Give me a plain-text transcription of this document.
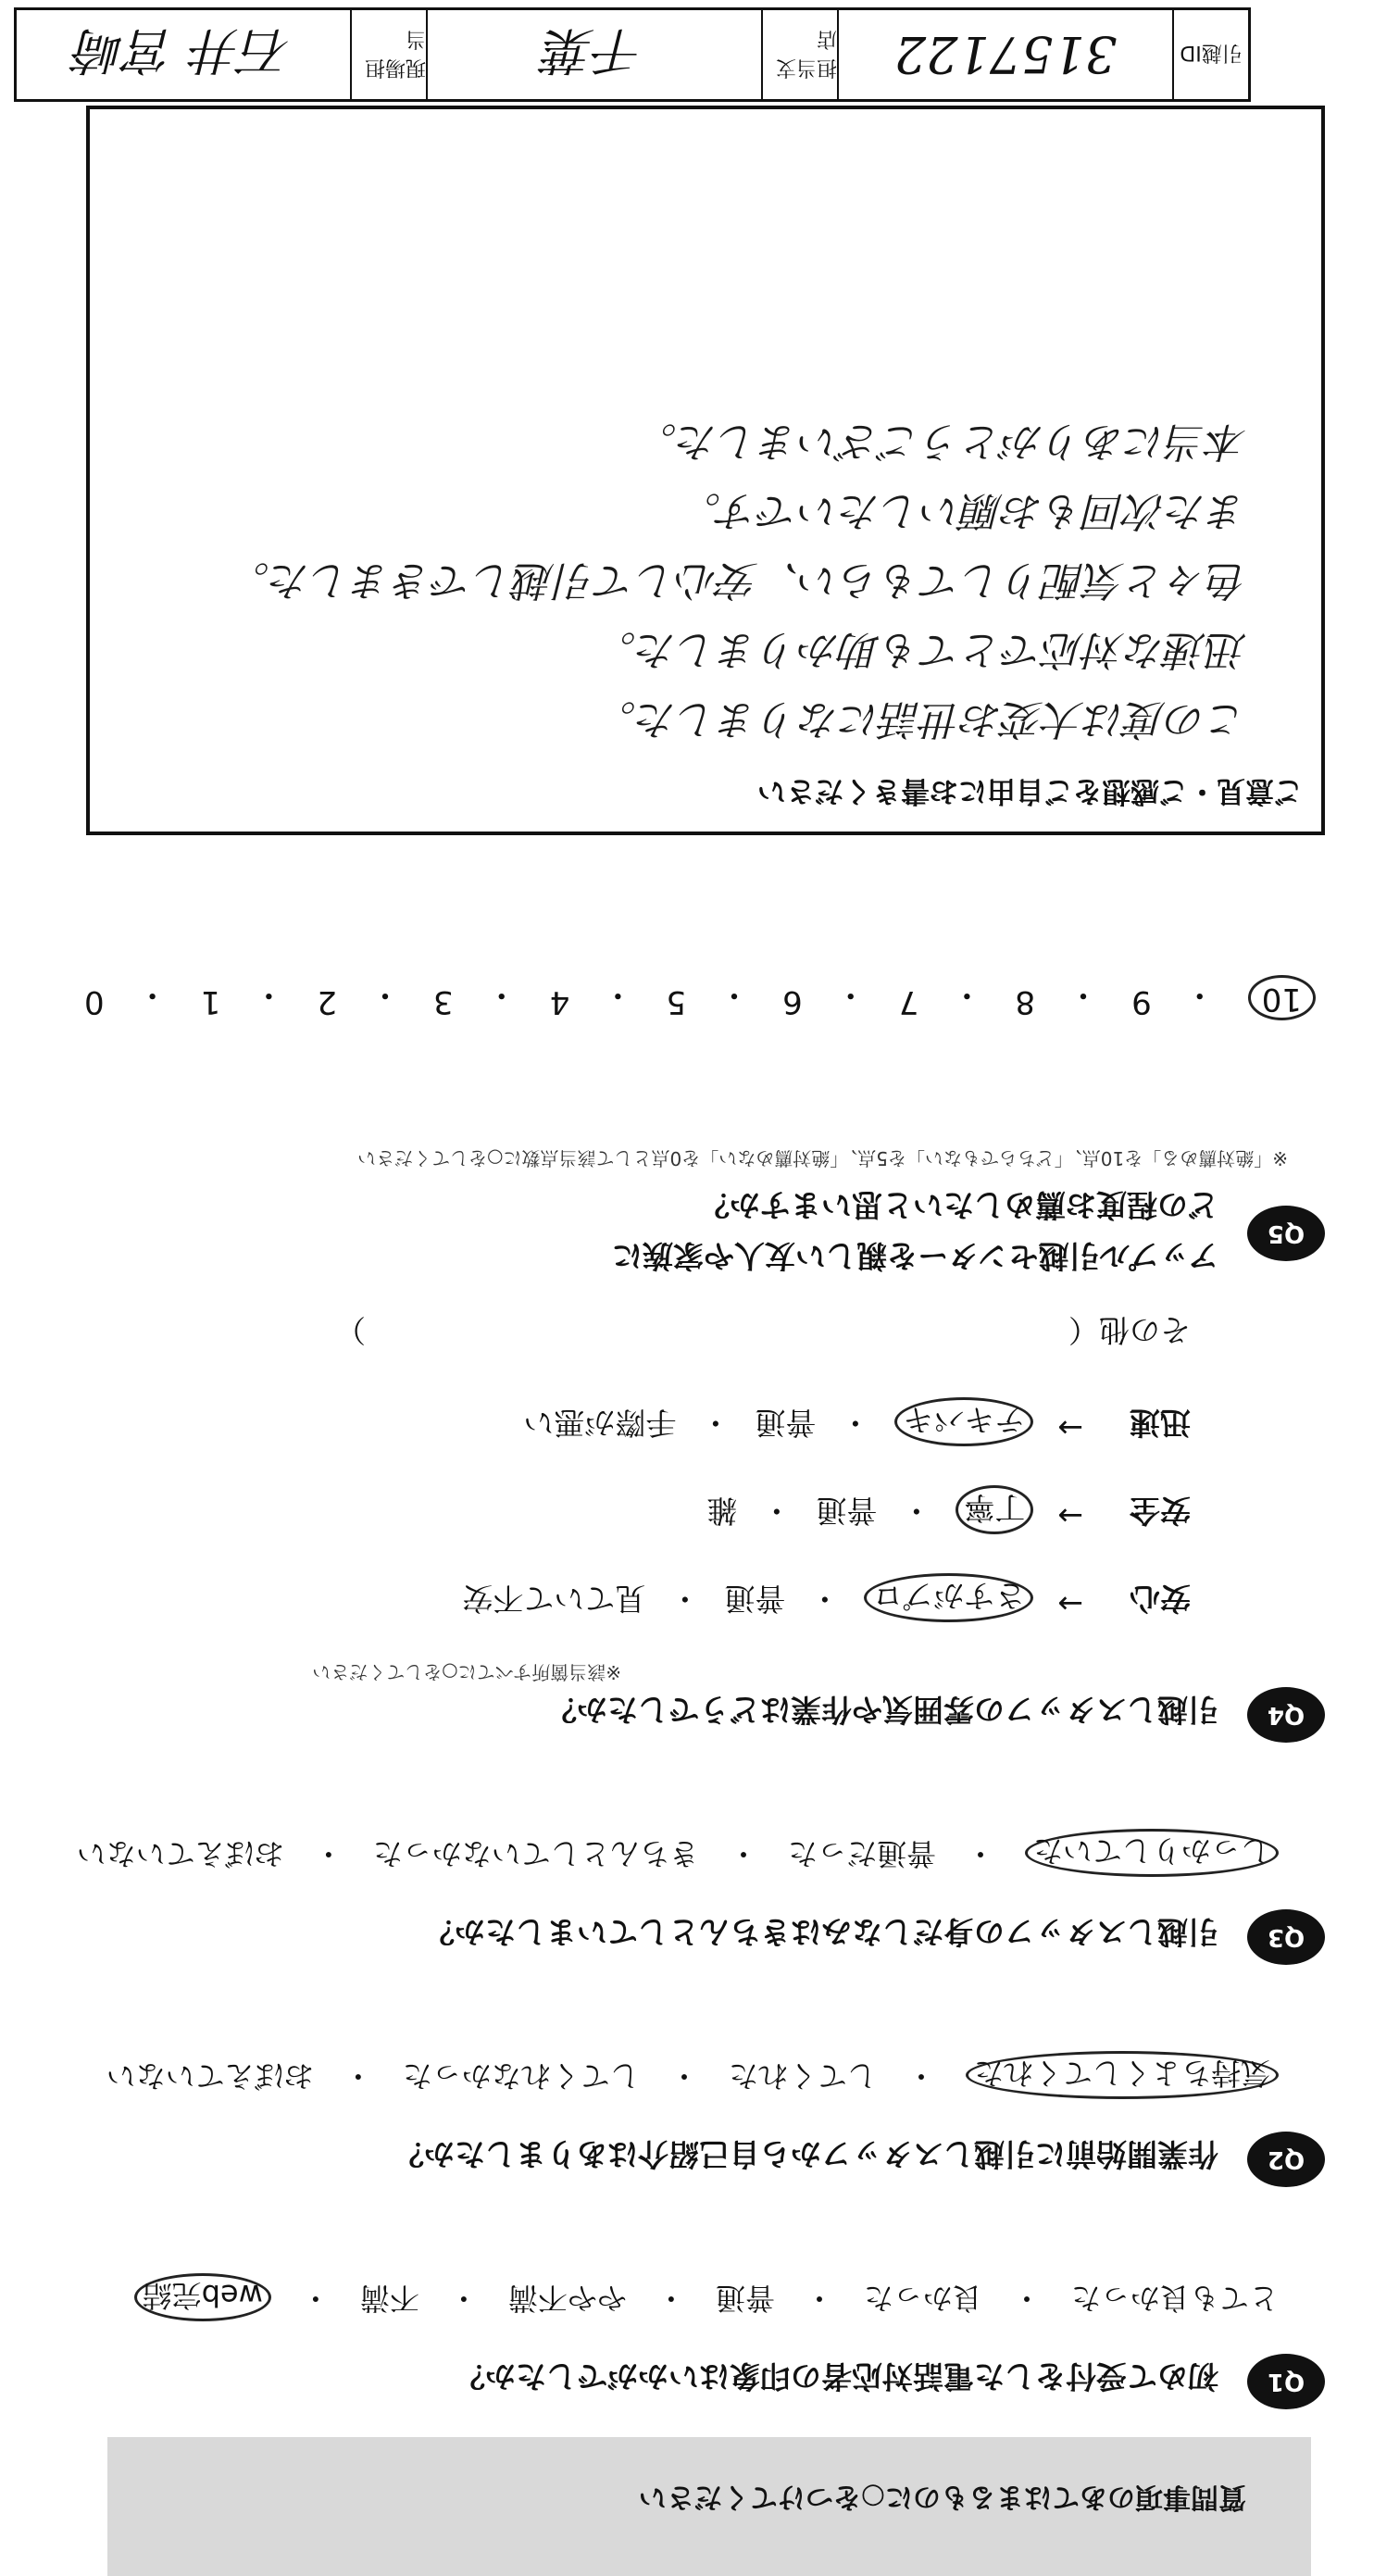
引越ID
3157122
担当支店
千葉
現場担当
石井 宮崎
質問事項のあてはまるものに○をつけてください
Q1
初めて受付をした電話対応者の印象はいかがでしたか？
とても良かった
・
良かった
・
普通
・
やや不満
・
不満
・
web完結
Q2
作業開始前に引越しスタッフから自己紹介はありましたか？
気持ちよくしてくれた
・
してくれた
・
してくれなかった
・
おぼえていない
Q3
引越しスタッフの身だしなみはきちんとしていましたか？
しっかりしていた
・
普通だった
・
きちんとしていなかった
・
おぼえていない
Q4
引越しスタッフの雰囲気や作業はどうでしたか？
※該当箇所すべてに○をしてください
安心
→
さすがプロ
・
普通
・
見ていて不安
安全
→
丁寧
・
普通
・
雑
迅速
→
テキパキ
・
普通
・
手際が悪い
その他（　　　　　　　　　　　　　　　　　　　　　　　）
Q5
アップル引越センターを親しい友人や家族に
どの程度お薦めしたいと思いますか？
※「絶対薦める」を10点、「どちらでもない」を5点、「絶対薦めない」を0点として該当点数に○をしてください
10
・
9
・
8
・
7
・
6
・
5
・
4
・
3
・
2
・
1
・
0
ご意見・ご感想をご自由にお書きください
この度は大変お世話になりました。
迅速な対応でとても助かりました。
色々と気配りしてもらい、安心して引越しできました。
また次回もお願いしたいです。
本当にありがとうございました。
